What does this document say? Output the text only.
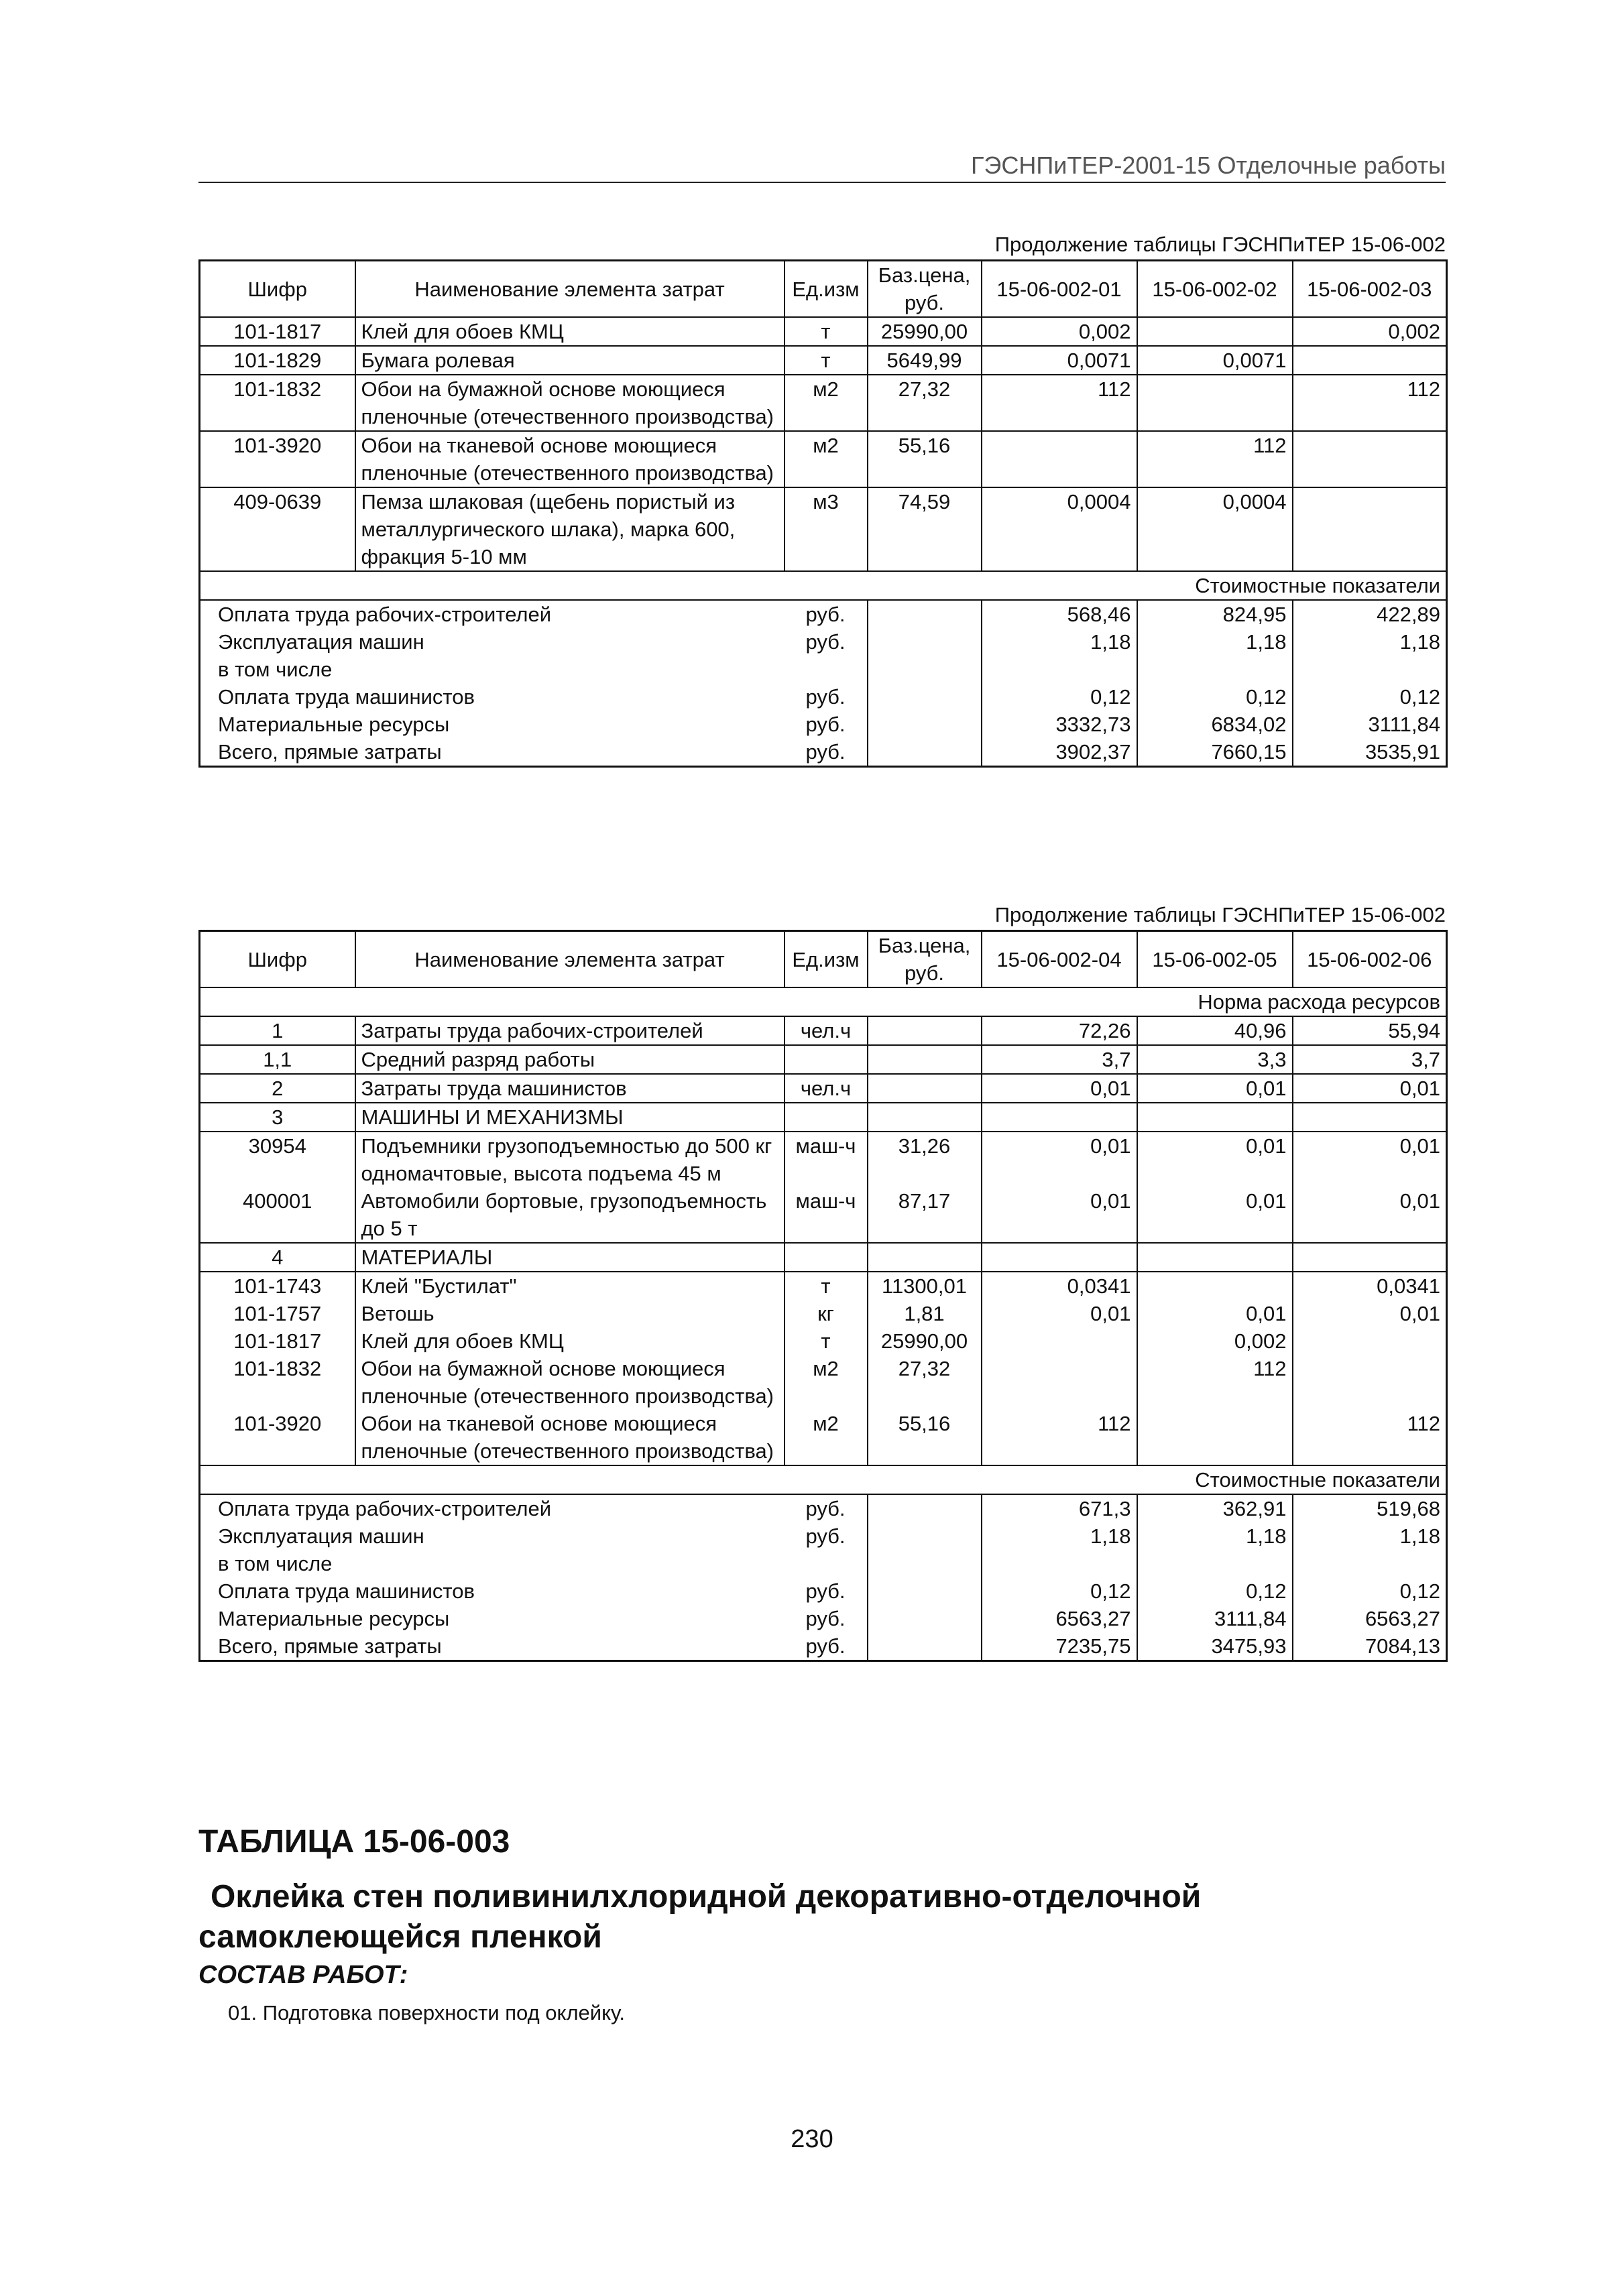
ГЭСНПиТЕР-2001-15 Отделочные работы
Продолжение таблицы ГЭСНПиТЕР 15-06-002
Шифр	Наименование элемента затрат	Ед.изм	Баз.цена, руб.	15-06-002-01	15-06-002-02	15-06-002-03
101-1817	Клей для обоев КМЦ	т	25990,00	0,002		0,002
101-1829	Бумага ролевая	т	5649,99	0,0071	0,0071	
101-1832	Обои на бумажной основе моющиеся пленочные (отечественного производства)	м2	27,32	112		112
101-3920	Обои на тканевой основе моющиеся пленочные (отечественного производства)	м2	55,16		112	
409-0639	Пемза шлаковая (щебень пористый из металлургического шлака), марка 600, фракция 5-10 мм	м3	74,59	0,0004	0,0004	
Стоимостные показатели						
Оплата труда рабочих-строителей		руб.		568,46	824,95	422,89
Эксплуатация машин		руб.		1,18	1,18	1,18
в том числе						
Оплата труда машинистов		руб.		0,12	0,12	0,12
Материальные ресурсы		руб.		3332,73	6834,02	3111,84
Всего, прямые затраты		руб.		3902,37	7660,15	3535,91
Продолжение таблицы ГЭСНПиТЕР 15-06-002
Шифр	Наименование элемента затрат	Ед.изм	Баз.цена, руб.	15-06-002-04	15-06-002-05	15-06-002-06
Норма расхода ресурсов						
1	Затраты труда рабочих-строителей	чел.ч		72,26	40,96	55,94
1,1	Средний разряд работы			3,7	3,3	3,7
2	Затраты труда машинистов	чел.ч		0,01	0,01	0,01
3	МАШИНЫ И МЕХАНИЗМЫ					
30954	Подъемники грузоподъемностью до 500 кг одномачтовые, высота подъема 45 м	маш-ч	31,26	0,01	0,01	0,01
400001	Автомобили бортовые, грузоподъемность до 5 т	маш-ч	87,17	0,01	0,01	0,01
4	МАТЕРИАЛЫ					
101-1743	Клей "Бустилат"	т	11300,01	0,0341		0,0341
101-1757	Ветошь	кг	1,81	0,01	0,01	0,01
101-1817	Клей для обоев КМЦ	т	25990,00		0,002	
101-1832	Обои на бумажной основе моющиеся пленочные (отечественного производства)	м2	27,32		112	
101-3920	Обои на тканевой основе моющиеся пленочные (отечественного производства)	м2	55,16	112		112
Стоимостные показатели						
Оплата труда рабочих-строителей		руб.		671,3	362,91	519,68
Эксплуатация машин		руб.		1,18	1,18	1,18
в том числе						
Оплата труда машинистов		руб.		0,12	0,12	0,12
Материальные ресурсы		руб.		6563,27	3111,84	6563,27
Всего, прямые затраты		руб.		7235,75	3475,93	7084,13
ТАБЛИЦА 15-06-003
Оклейка стен поливинилхлоридной декоративно-отделочной самоклеющейся пленкой
СОСТАВ РАБОТ:
01. Подготовка поверхности под оклейку.
230
